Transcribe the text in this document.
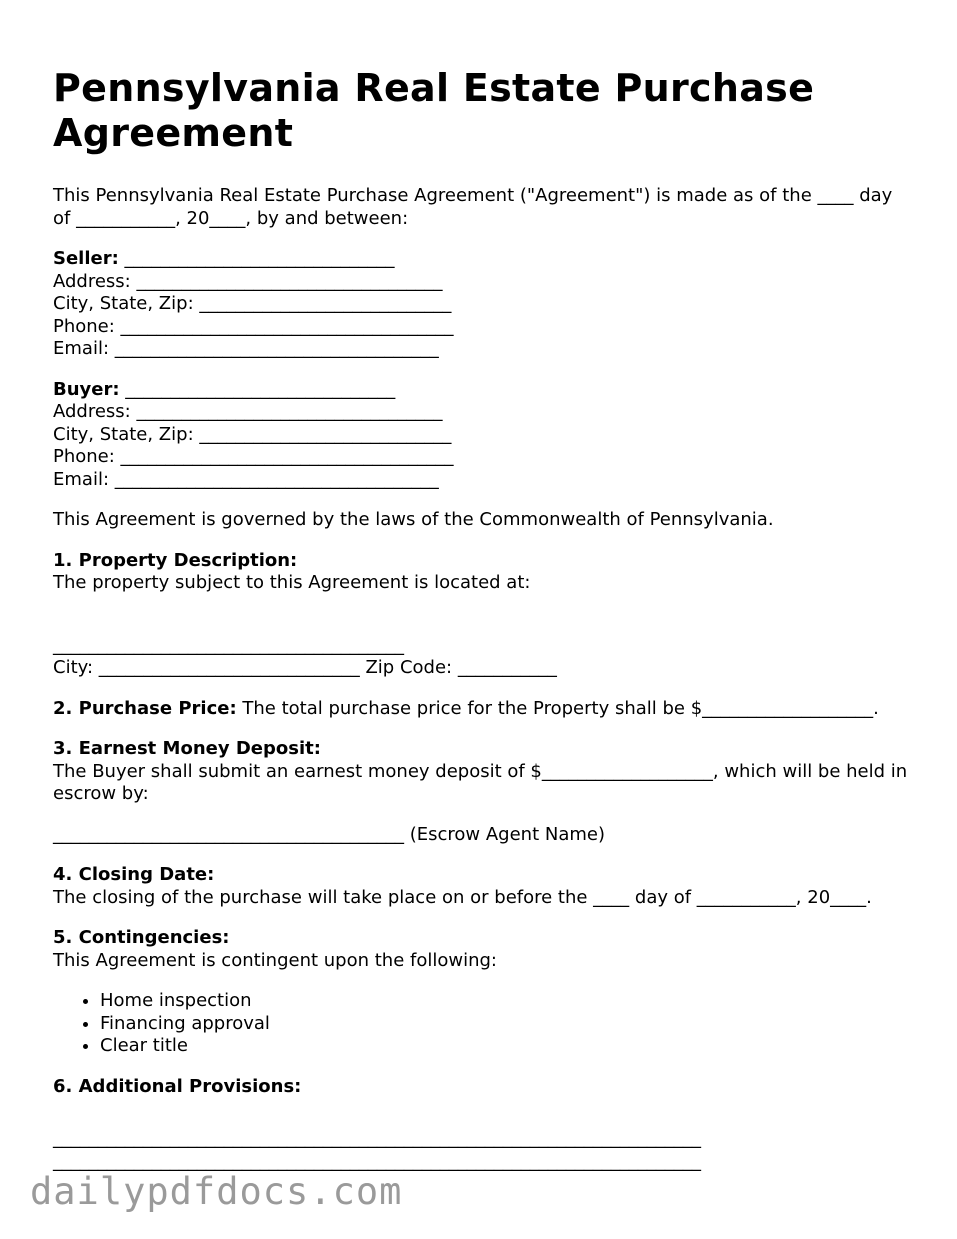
Pennsylvania Real Estate Purchase Agreement

This Pennsylvania Real Estate Purchase Agreement ("Agreement") is made as of the ____ day of ___________, 20____, by and between:

Seller: ______________________________

Address: __________________________________

City, State, Zip: ____________________________

Phone: _____________________________________

Email: ____________________________________

Buyer: ______________________________

Address: __________________________________

City, State, Zip: ____________________________

Phone: _____________________________________

Email: ____________________________________

This Agreement is governed by the laws of the Commonwealth of Pennsylvania.

1. Property Description:

The property subject to this Agreement is located at:

_______________________________________

City: _____________________________ Zip Code: ___________

2. Purchase Price: The total purchase price for the Property shall be $___________________.

3. Earnest Money Deposit:

The Buyer shall submit an earnest money deposit of $___________________, which will be held in escrow by:

_______________________________________ (Escrow Agent Name)

4. Closing Date:

The closing of the purchase will take place on or before the ____ day of ___________, 20____.

5. Contingencies:

This Agreement is contingent upon the following:

• Home inspection
• Financing approval
• Clear title

6. Additional Provisions:

________________________________________________________________________

________________________________________________________________________

dailypdfdocs.com
